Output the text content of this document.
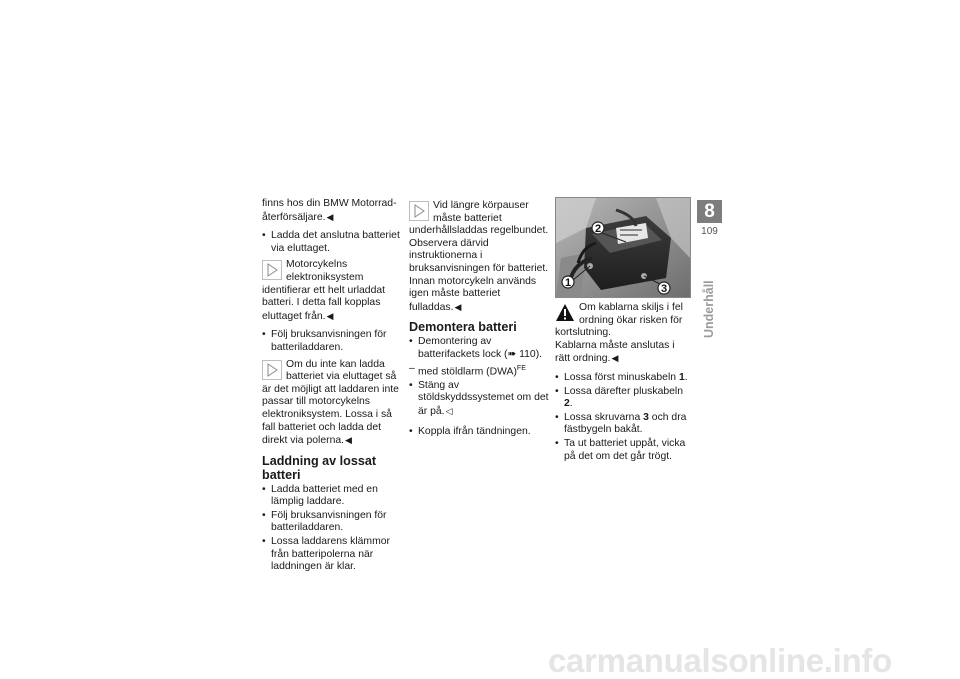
finns hos din BMW Motorrad-återförsäljare.◀

• Ladda det anslutna batteriet via eluttaget.
Motorcykelns elektroniksystem identifierar ett helt urladdat batteri. I detta fall kopplas eluttaget från.◀
• Följ bruksanvisningen för batteriladdaren.
Om du inte kan ladda batteriet via eluttaget så är det möjligt att laddaren inte passar till motorcykelns elektroniksystem. Lossa i så fall batteriet och ladda det direkt via polerna.◀
Laddning av lossat batteri
• Ladda batteriet med en lämplig laddare.
• Följ bruksanvisningen för batteriladdaren.
• Lossa laddarens klämmor från batteripolerna när laddningen är klar.
Vid längre körpauser måste batteriet underhållsladdas regelbundet. Observera därvid instruktionerna i bruksanvisningen för batteriet. Innan motorcykeln används igen måste batteriet fulladdas.◀
Demontera batteri
• Demontering av batterifackets lock (➠ 110).
– med stöldlarm (DWA)$^{FE}$
• Stäng av stöldskyddssystemet om det är på.◁
• Koppla ifrån tändningen.
2
1	3
Om kablarna skiljs i fel ordning ökar risken för kortslutning.
Kablarna måste anslutas i rätt ordning.◀
• Lossa först minuskabeln 1.
• Lossa därefter pluskabeln 2.
• Lossa skruvarna 3 och dra fästbygeln bakåt.
• Ta ut batteriet uppåt, vicka på det om det går trögt.
8
109
Underhåll
carmanualsonline.info
